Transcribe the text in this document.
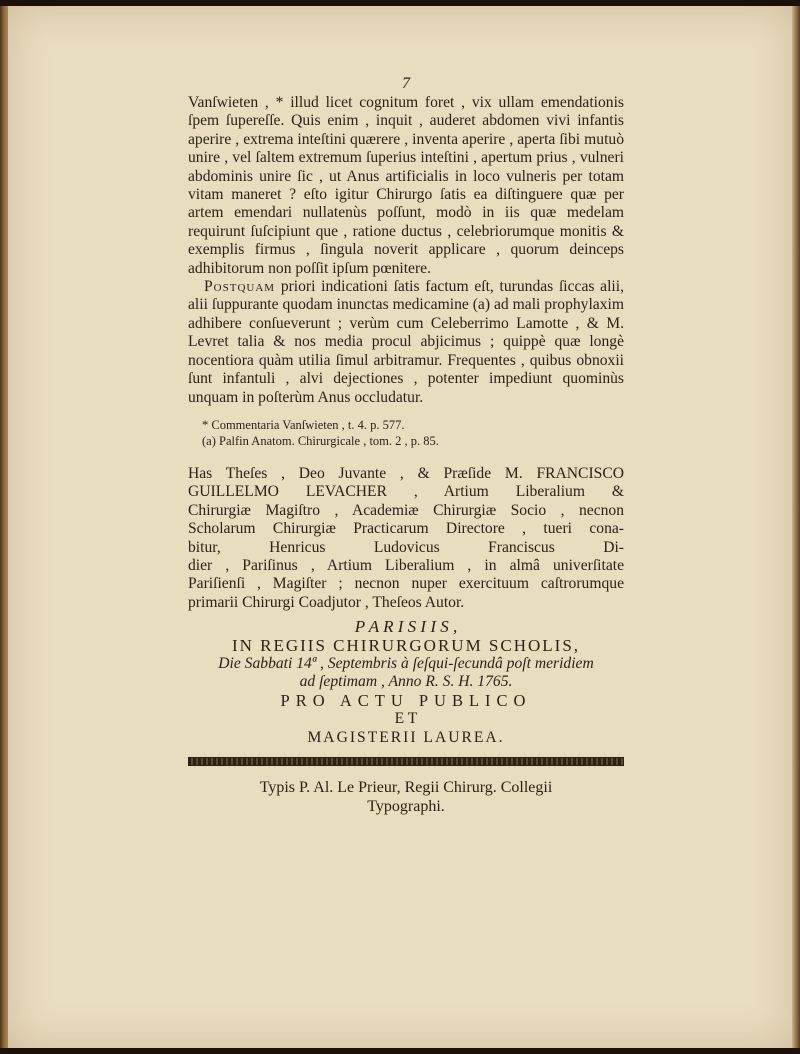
7

Vanſwieten , * illud licet cognitum foret , vix ullam emendationis ſpem ſupereſſe. Quis enim , inquit , auderet abdomen vivi infantis aperire , extrema inteſtini quærere , inventa aperire , aperta ſibi mutuò unire , vel ſaltem extremum ſuperius inteſtini , apertum prius , vulneri abdominis unire ſic , ut Anus artificialis in loco vulneris per totam vitam maneret ? eſto igitur Chirurgo ſatis ea diſtinguere quæ per artem emendari nullatenùs poſſunt, modò in iis quæ medelam requirunt ſuſcipiunt que , ratione ductus , celebriorumque monitis & exemplis firmus , ſingula noverit applicare , quorum deinceps adhibitorum non poſſit ipſum pœnitere.

Postquam priori indicationi ſatis factum eſt, turundas ſiccas alii, alii ſuppurante quodam inunctas medicamine (a) ad mali prophylaxim adhibere conſueverunt ; verùm cum Celeberrimo Lamotte , & M. Levret talia & nos media procul abjicimus ; quippè quæ longè nocentiora quàm utilia ſimul arbitramur. Frequentes , quibus obnoxii ſunt infantuli , alvi dejectiones , potenter impediunt quominùs unquam in poſterùm Anus occludatur.

* Commentaria Vanſwieten , t. 4. p. 577.

(a) Palfin Anatom. Chirurgicale , tom. 2 , p. 85.

Has Theſes , Deo Juvante , & Præſide M. FRANCISCO
GUILLELMO LEVACHER , Artium Liberalium &
Chirurgiæ Magiſtro , Academiæ Chirurgiæ Socio , necnon
Scholarum Chirurgiæ Practicarum Directore , tueri cona-
bitur, Henricus Ludovicus Franciscus Di-
dier , Pariſinus , Artium Liberalium , in almâ univerſitate
Pariſienſi , Magiſter ; necnon nuper exercituum caſtrorumque
primarii Chirurgi Coadjutor , Theſeos Autor.
P A R I S I I S ,
IN REGIIS CHIRURGORUM SCHOLIS,
Die Sabbati 14ª , Septembris à ſeſqui-ſecundâ poſt meridiem
ad ſeptimam , Anno R. S. H. 1765.
PRO ACTU PUBLICO
E T
MAGISTERII LAUREA.
Typis P. Al. Le Prieur, Regii Chirurg. Collegii
Typographi.
